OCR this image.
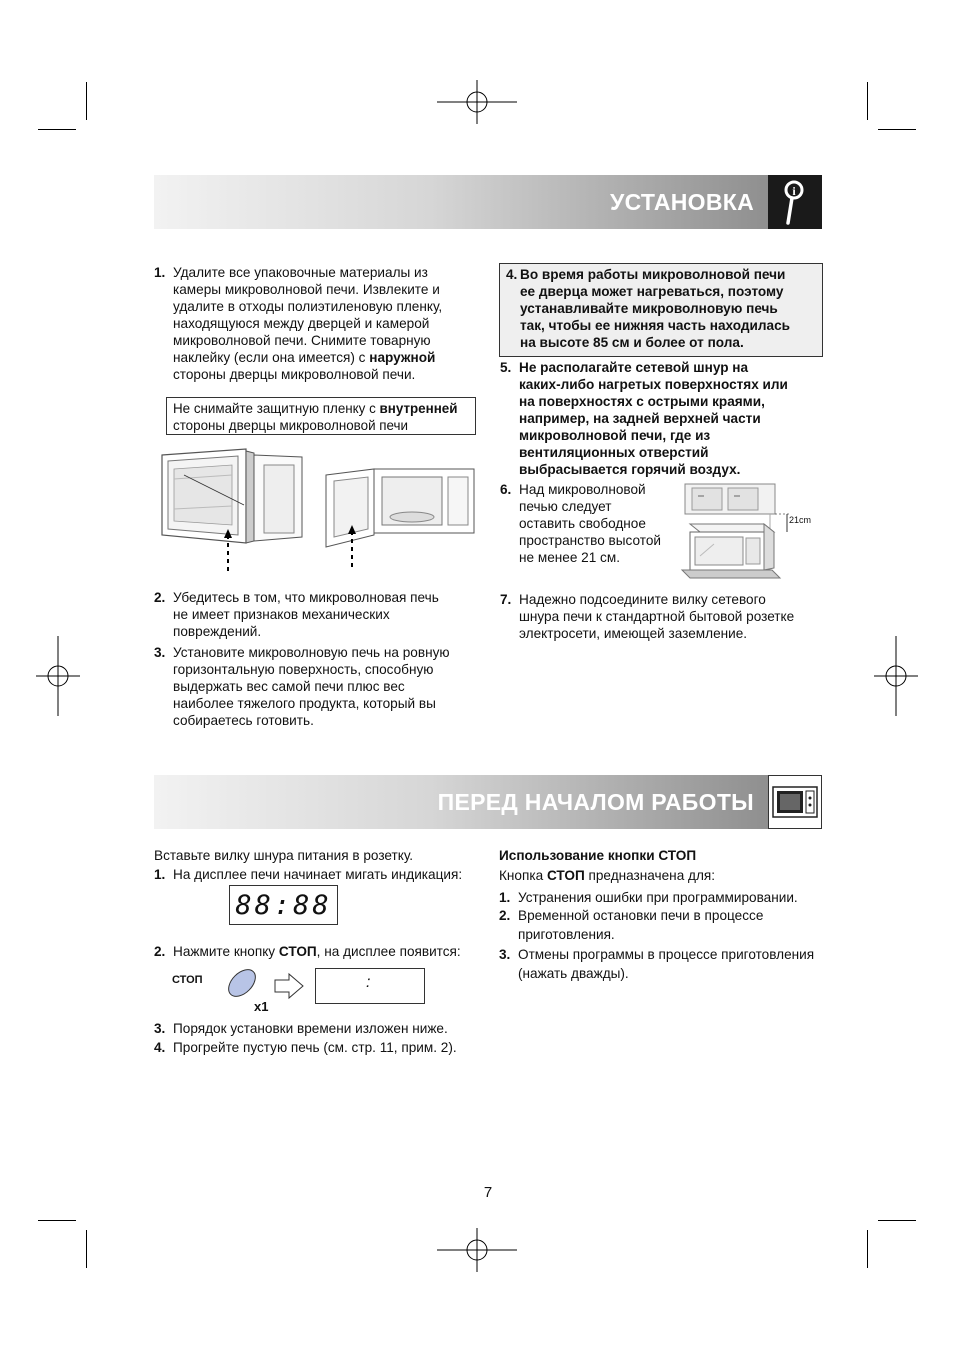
УСТАНОВКА	i
1. Удалите все упаковочные материалы из
камеры микроволновой печи. Извлеките и
удалите в отходы полиэтиленовую пленку,
находящуюся между дверцей и камерой
микроволновой печи. Снимите товарную
наклейку (если она имеется) с наружной
стороны дверцы микроволновой печи.
Не снимайте защитную пленку с внутренней
стороны дверцы микроволновой печи
2. Убедитесь в том, что микроволновая печь
не имеет признаков механических
повреждений.
3. Установите микроволновую печь на ровную
горизонтальную поверхность, способную
выдержать вес самой печи плюс вес
наиболее тяжелого продукта, который вы
собираетесь готовить.
4. Во время работы микроволновой печи
ее дверца может нагреваться, поэтому
устанавливайте микроволновую печь
так, чтобы ее нижняя часть находилась
на высоте 85 см и более от пола.
5. Не располагайте сетевой шнур на
каких-либо нагретых поверхностях или
на поверхностях с острыми краями,
например, на задней верхней части
микроволновой печи, где из
вентиляционных отверстий
выбрасывается горячий воздух.
6. Над микроволновой
печью следует
оставить свободное
пространство высотой
не менее 21 см.
21cm
7. Надежно подсоедините вилку сетевого
шнура печи к стандартной бытовой розетке
электросети, имеющей заземление.
ПЕРЕД НАЧАЛОМ РАБОТЫ
Вставьте вилку шнура питания в розетку.
1. На дисплее печи начинает мигать индикация:
88:88
2. Нажмите кнопку СТОП, на дисплее появится:
СТОП
x1
:
3. Порядок установки времени изложен ниже.
4. Прогрейте пустую печь (см. стр. 11, прим. 2).
Использование кнопки СТОП
Кнопка СТОП предназначена для:
1. Устранения ошибки при программировании.
2. Временной остановки печи в процессе
приготовления.
3. Отмены программы в процессе приготовления
(нажать дважды).
7
